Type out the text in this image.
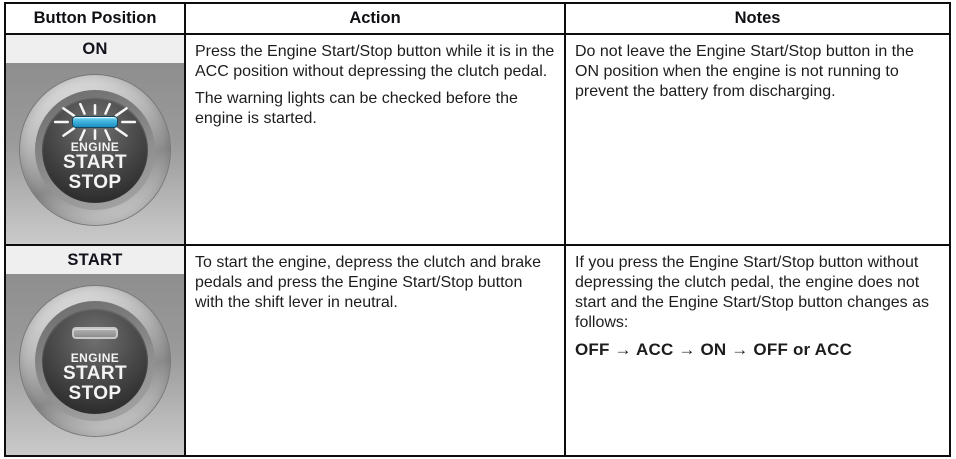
Button Position	Action	Notes
ON
ENGINE
START
STOP

Press the Engine Start/Stop button while it is in the ACC position without depressing the clutch pedal.

The warning lights can be checked before the engine is started.

Do not leave the Engine Start/Stop button in the ON position when the engine is not running to prevent the battery from discharging.

START
ENGINE
START
STOP

To start the engine, depress the clutch and brake pedals and press the Engine Start/Stop button with the shift lever in neutral.

If you press the Engine Start/Stop button without depressing the clutch pedal, the engine does not start and the Engine Start/Stop button changes as follows:

OFF → ACC → ON → OFF or ACC
